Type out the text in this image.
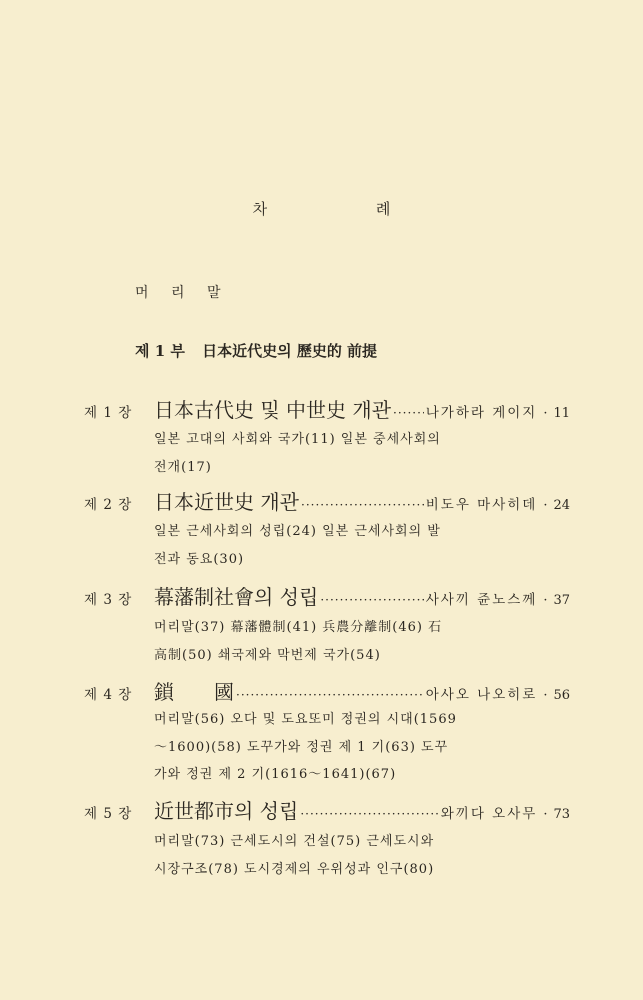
차 례
머 리 말
제 1 부 日本近代史의 歷史的 前提
제 1 장	日本古代史 및 中世史 개관 ·····	나가하라 게이지 · 11
일본 고대의 사회와 국가(11) 일본 중세사회의
전개(17)
제 2 장	日本近世史 개관 ·····	비도우 마사히데 · 24
일본 근세사회의 성립(24) 일본 근세사회의 발
전과 동요(30)
제 3 장	幕藩制社會의 성립 ·····	사사끼 쥰노스께 · 37
머리말(37) 幕藩體制(41) 兵農分離制(46) 石
高制(50) 쇄국제와 막번제 국가(54)
제 4 장	鎖　　國 ·····	아사오 나오히로 · 56
머리말(56) 오다 및 도요또미 정권의 시대(1569
～1600)(58) 도꾸가와 정권 제 1 기(63) 도꾸
가와 정권 제 2 기(1616～1641)(67)
제 5 장	近世都市의 성립 ·····	와끼다 오사무 · 73
머리말(73) 근세도시의 건설(75) 근세도시와
시장구조(78) 도시경제의 우위성과 인구(80)
